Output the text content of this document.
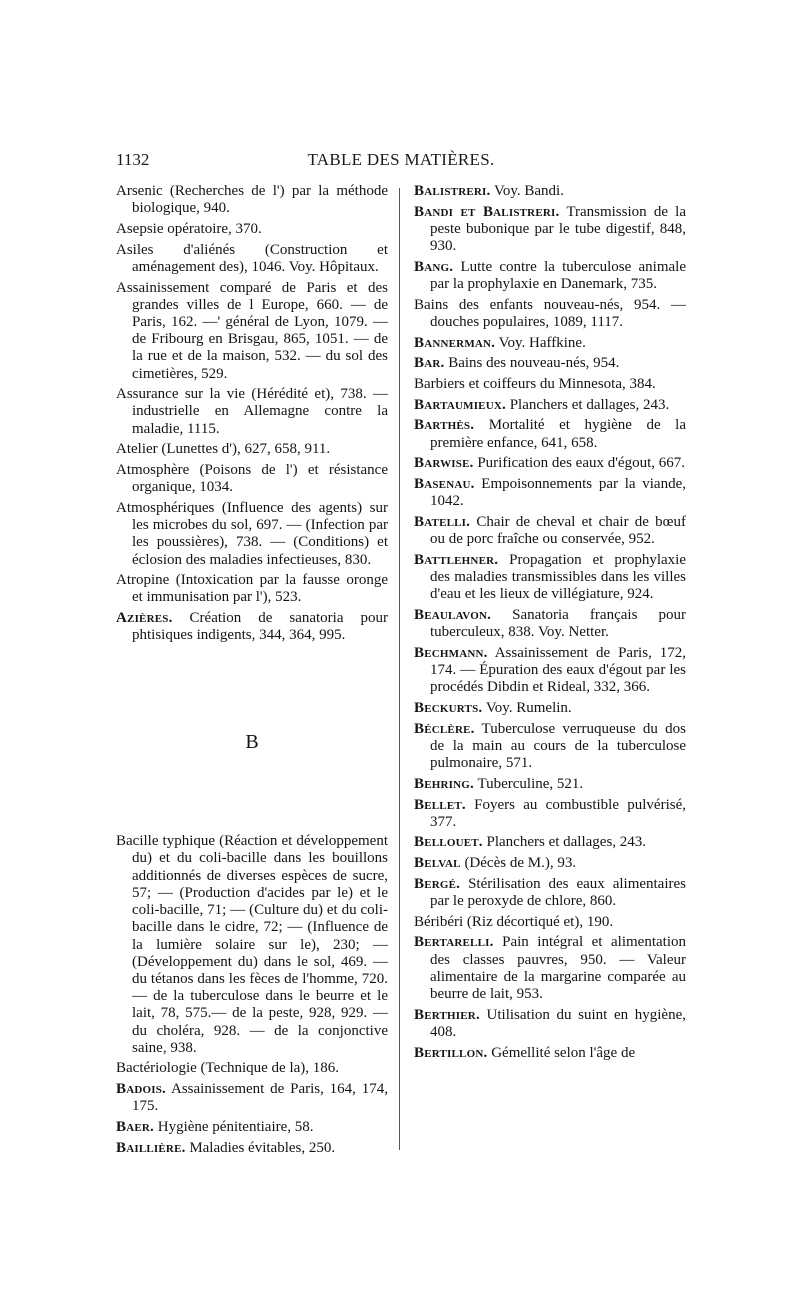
1132	TABLE DES MATIÈRES.

Arsenic (Recherches de l') par la méthode biologique, 940.

Asepsie opératoire, 370.

Asiles d'aliénés (Construction et aménagement des), 1046. Voy. Hôpitaux.

Assainissement comparé de Paris et des grandes villes de l Europe, 660. — de Paris, 162. —' général de Lyon, 1079. — de Fribourg en Brisgau, 865, 1051. — de la rue et de la maison, 532. — du sol des cimetières, 529.

Assurance sur la vie (Hérédité et), 738. — industrielle en Allemagne contre la maladie, 1115.

Atelier (Lunettes d'), 627, 658, 911.

Atmosphère (Poisons de l') et résistance organique, 1034.

Atmosphériques (Influence des agents) sur les microbes du sol, 697. — (Infection par les poussières), 738. — (Conditions) et éclosion des maladies infectieuses, 830.

Atropine (Intoxication par la fausse oronge et immunisation par l'), 523.

Azières. Création de sanatoria pour phtisiques indigents, 344, 364, 995.

B

Bacille typhique (Réaction et développement du) et du coli-bacille dans les bouillons additionnés de diverses espèces de sucre, 57; — (Production d'acides par le) et le coli-bacille, 71; — (Culture du) et du coli-bacille dans le cidre, 72; — (Influence de la lumière solaire sur le), 230; — (Développement du) dans le sol, 469. — du tétanos dans les fèces de l'homme, 720. — de la tuberculose dans le beurre et le lait, 78, 575.— de la peste, 928, 929. — du choléra, 928. — de la conjonctive saine, 938.

Bactériologie (Technique de la), 186.

Badois. Assainissement de Paris, 164, 174, 175.

Baer. Hygiène pénitentiaire, 58.

Baillière. Maladies évitables, 250.

Balistreri. Voy. Bandi.

Bandi et Balistreri. Transmission de la peste bubonique par le tube digestif, 848, 930.

Bang. Lutte contre la tuberculose animale par la prophylaxie en Danemark, 735.

Bains des enfants nouveau-nés, 954. — douches populaires, 1089, 1117.

Bannerman. Voy. Haffkine.

Bar. Bains des nouveau-nés, 954.

Barbiers et coiffeurs du Minnesota, 384.

Bartaumieux. Planchers et dallages, 243.

Barthès. Mortalité et hygiène de la première enfance, 641, 658.

Barwise. Purification des eaux d'égout, 667.

Basenau. Empoisonnements par la viande, 1042.

Batelli. Chair de cheval et chair de bœuf ou de porc fraîche ou conservée, 952.

Battlehner. Propagation et prophylaxie des maladies transmissibles dans les villes d'eau et les lieux de villégiature, 924.

Beaulavon. Sanatoria français pour tuberculeux, 838. Voy. Netter.

Bechmann. Assainissement de Paris, 172, 174. — Épuration des eaux d'égout par les procédés Dibdin et Rideal, 332, 366.

Beckurts. Voy. Rumelin.

Béclère. Tuberculose verruqueuse du dos de la main au cours de la tuberculose pulmonaire, 571.

Behring. Tuberculine, 521.

Bellet. Foyers au combustible pulvérisé, 377.

Bellouet. Planchers et dallages, 243.

Belval (Décès de M.), 93.

Bergé. Stérilisation des eaux alimentaires par le peroxyde de chlore, 860.

Béribéri (Riz décortiqué et), 190.

Bertarelli. Pain intégral et alimentation des classes pauvres, 950. — Valeur alimentaire de la margarine comparée au beurre de lait, 953.

Berthier. Utilisation du suint en hygiène, 408.

Bertillon. Gémellité selon l'âge de
